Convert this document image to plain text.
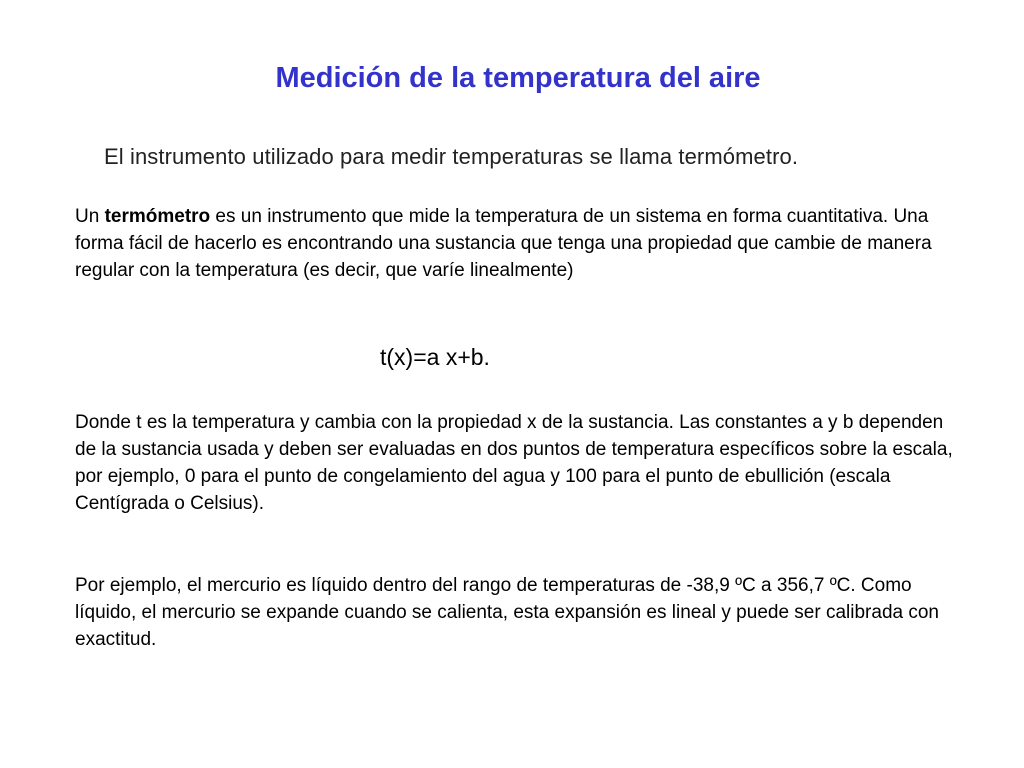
Medición de la temperatura del aire
El instrumento utilizado para medir temperaturas se llama termómetro.
Un termómetro es un instrumento que mide la temperatura de un sistema en forma cuantitativa. Una forma fácil de hacerlo es encontrando una sustancia que tenga una propiedad que cambie de manera regular con la temperatura (es decir, que varíe linealmente)
t(x)=a x+b.
Donde t es la temperatura y cambia con la propiedad x de la sustancia. Las constantes a y b dependen de la sustancia usada y deben ser evaluadas en dos puntos de temperatura específicos sobre la escala, por ejemplo, 0 para el punto de congelamiento del agua y 100 para el punto de ebullición (escala Centígrada o Celsius).
Por ejemplo, el mercurio es líquido dentro del rango de temperaturas de -38,9 ºC a 356,7 ºC. Como líquido, el mercurio se expande cuando se calienta, esta expansión es lineal y puede ser calibrada con exactitud.
